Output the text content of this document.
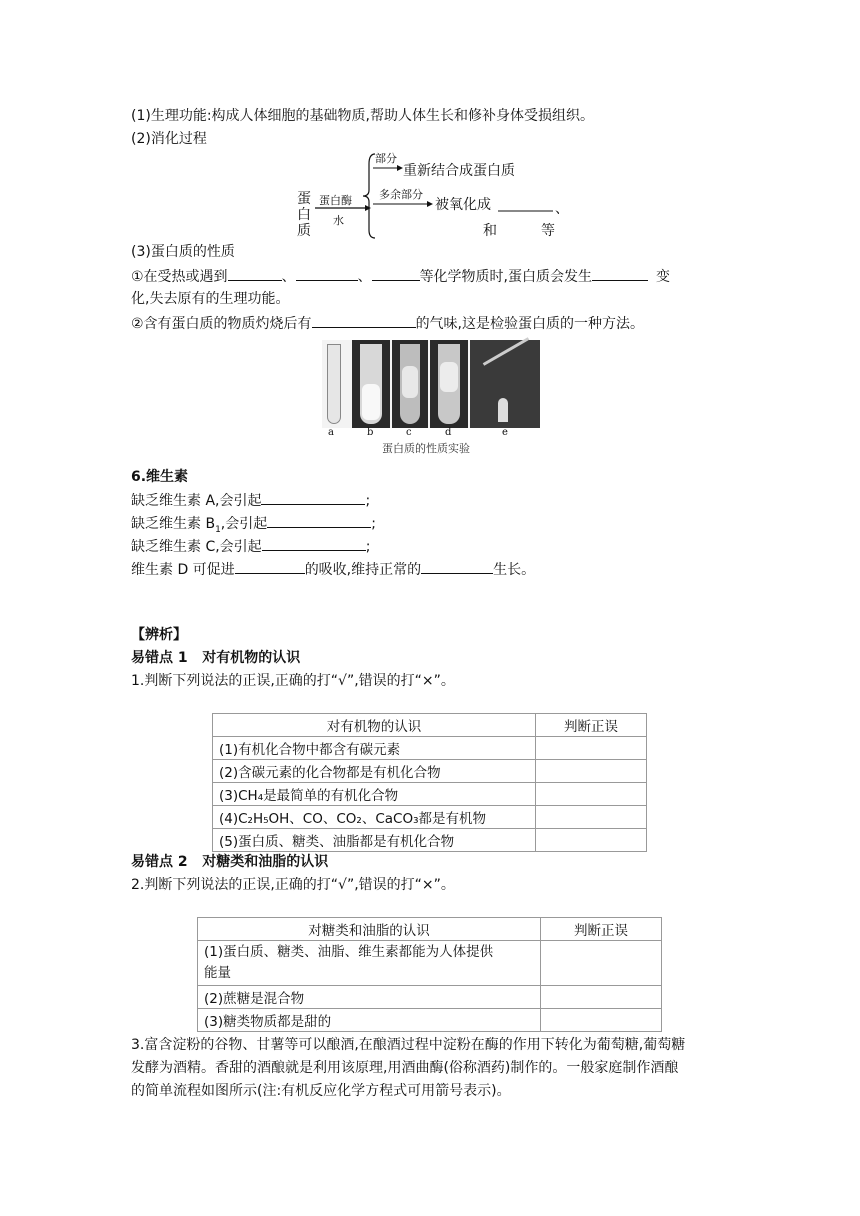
(1)生理功能:构成人体细胞的基础物质,帮助人体生长和修补身体受损组织。
(2)消化过程
蛋
白
质
蛋白酶
水
部分
重新结合成蛋白质
多余部分
被氧化成	、
和	等
(3)蛋白质的性质
①在受热或遇到	、	、	等化学物质时,蛋白质会发生	变
化,失去原有的生理功能。
②含有蛋白质的物质灼烧后有	的气味,这是检验蛋白质的一种方法。
a	b	c	d	e
蛋白质的性质实验
6.维生素
缺乏维生素 A,会引起	;
缺乏维生素 $B_1$,会引起	;
缺乏维生素 C,会引起	;
维生素 D 可促进	的吸收,维持正常的	生长。
【辨析】
易错点 1   对有机物的认识
1.判断下列说法的正误,正确的打“√”,错误的打“×”。
对有机物的认识	判断正误
(1)有机化合物中都含有碳元素	
(2)含碳元素的化合物都是有机化合物	
(3)CH₄是最简单的有机化合物	
(4)C₂H₅OH、CO、CO₂、CaCO₃都是有机物	
(5)蛋白质、糖类、油脂都是有机化合物	
易错点 2   对糖类和油脂的认识
2.判断下列说法的正误,正确的打“√”,错误的打“×”。
对糖类和油脂的认识	判断正误
(1)蛋白质、糖类、油脂、维生素都能为人体提供
能量	
(2)蔗糖是混合物	
(3)糖类物质都是甜的	
3.富含淀粉的谷物、甘薯等可以酿酒,在酿酒过程中淀粉在酶的作用下转化为葡萄糖,葡萄糖
发酵为酒精。香甜的酒酿就是利用该原理,用酒曲酶(俗称酒药)制作的。一般家庭制作酒酿
的简单流程如图所示(注:有机反应化学方程式可用箭号表示)。
